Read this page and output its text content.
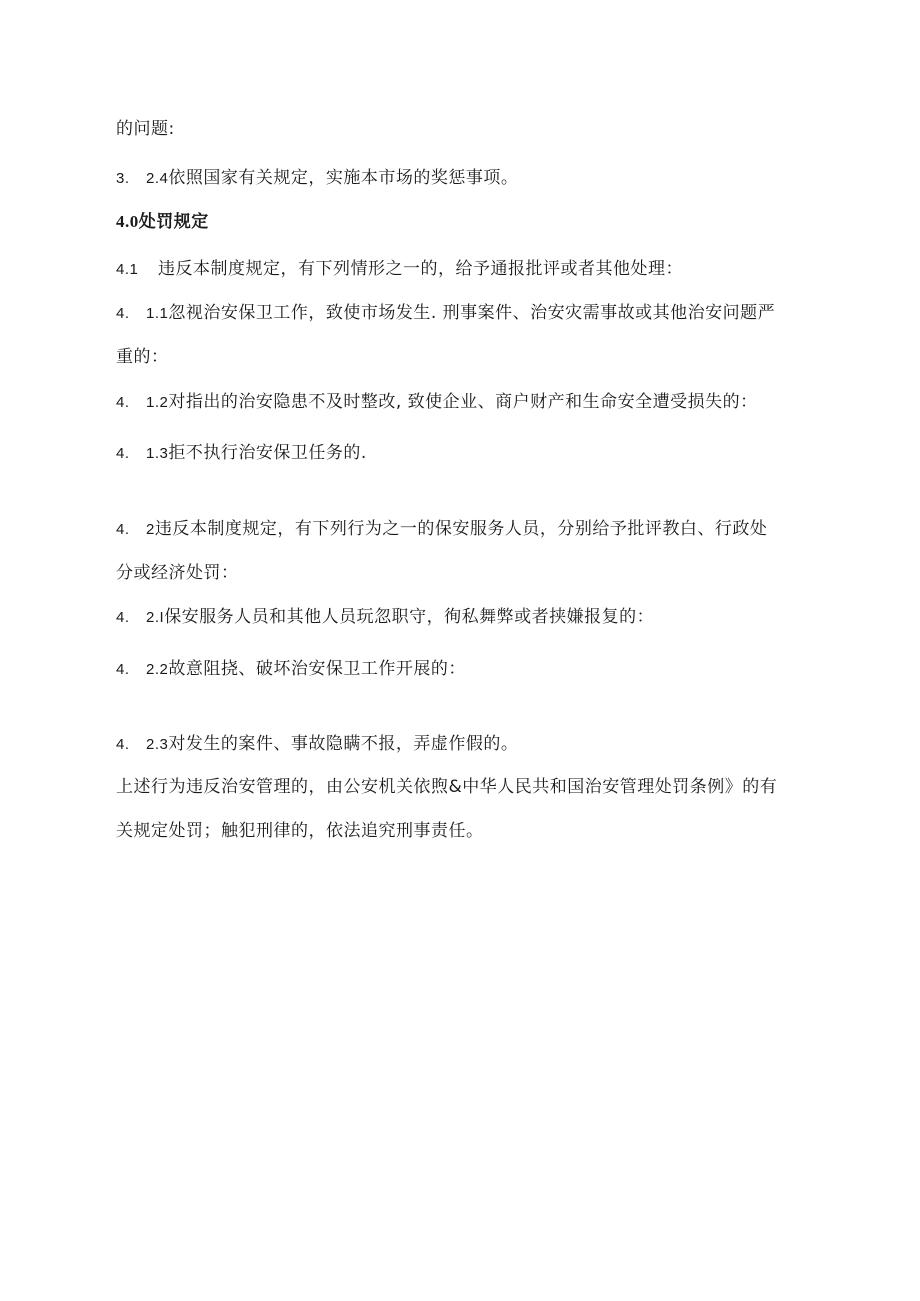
的问题:
3. 2.4依照国家有关规定，实施本市场的奖惩事项。
4.0处罚规定
4.1 违反本制度规定，有下列情形之一的，给予通报批评或者其他处理：
4. 1.1忽视治安保卫工作，致使市场发生. 刑事案件、治安灾需事故或其他治安问题严
重的：
4. 1.2对指出的治安隐患不及时整改, 致使企业、商户财产和生命安全遭受损失的：
4. 1.3拒不执行治安保卫任务的.
4. 2违反本制度规定，有下列行为之一的保安服务人员，分别给予批评教白、行政处
分或经济处罚：
4. 2.I保安服务人员和其他人员玩忽职守，徇私舞弊或者挟嫌报复的：
4. 2.2故意阻挠、破坏治安保卫工作开展的：
4. 2.3对发生的案件、事故隐瞒不报，弄虚作假的。
上述行为违反治安管理的，由公安机关依煦&中华人民共和国治安管理处罚条例》的有
关规定处罚；触犯刑律的，依法追究刑事责任。
